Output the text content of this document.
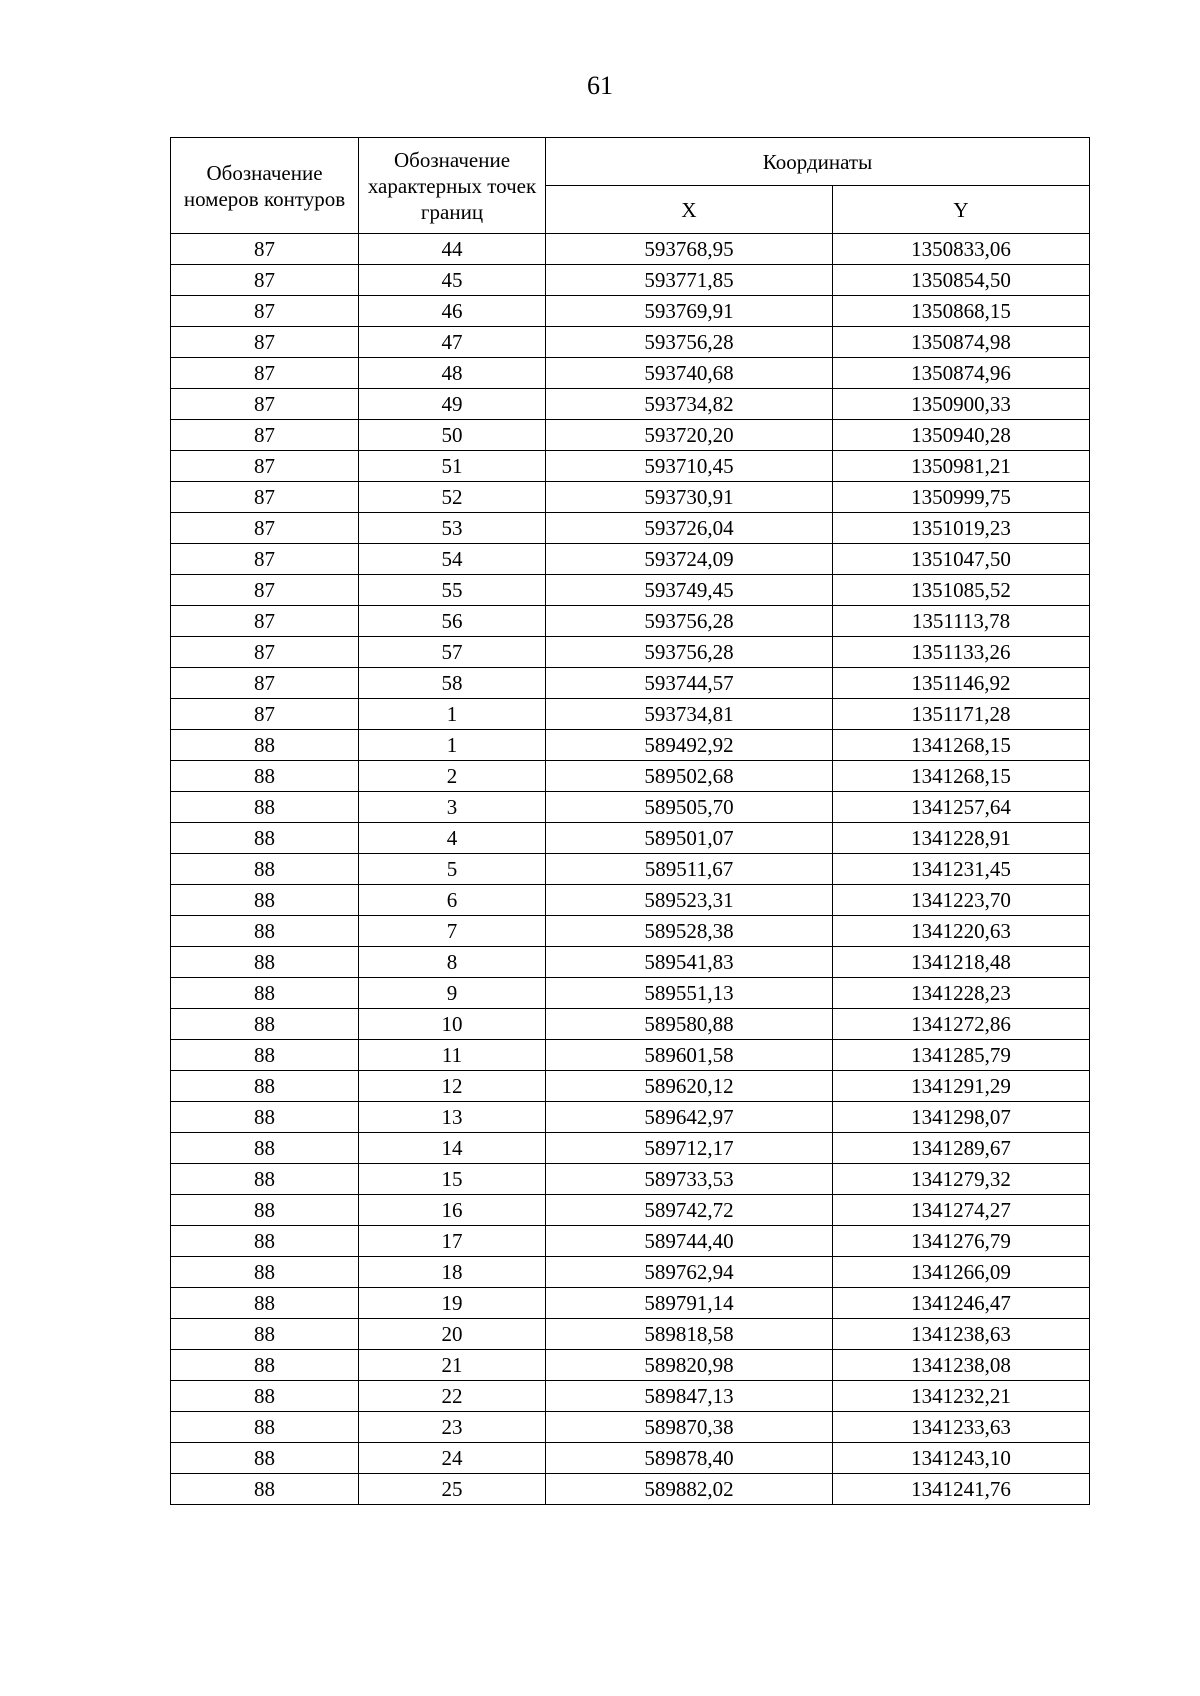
61
Обозначение номеров контуров	Обозначение характерных точек границ	Координаты	
		X	Y
87	44	593768,95	1350833,06
87	45	593771,85	1350854,50
87	46	593769,91	1350868,15
87	47	593756,28	1350874,98
87	48	593740,68	1350874,96
87	49	593734,82	1350900,33
87	50	593720,20	1350940,28
87	51	593710,45	1350981,21
87	52	593730,91	1350999,75
87	53	593726,04	1351019,23
87	54	593724,09	1351047,50
87	55	593749,45	1351085,52
87	56	593756,28	1351113,78
87	57	593756,28	1351133,26
87	58	593744,57	1351146,92
87	1	593734,81	1351171,28
88	1	589492,92	1341268,15
88	2	589502,68	1341268,15
88	3	589505,70	1341257,64
88	4	589501,07	1341228,91
88	5	589511,67	1341231,45
88	6	589523,31	1341223,70
88	7	589528,38	1341220,63
88	8	589541,83	1341218,48
88	9	589551,13	1341228,23
88	10	589580,88	1341272,86
88	11	589601,58	1341285,79
88	12	589620,12	1341291,29
88	13	589642,97	1341298,07
88	14	589712,17	1341289,67
88	15	589733,53	1341279,32
88	16	589742,72	1341274,27
88	17	589744,40	1341276,79
88	18	589762,94	1341266,09
88	19	589791,14	1341246,47
88	20	589818,58	1341238,63
88	21	589820,98	1341238,08
88	22	589847,13	1341232,21
88	23	589870,38	1341233,63
88	24	589878,40	1341243,10
88	25	589882,02	1341241,76
